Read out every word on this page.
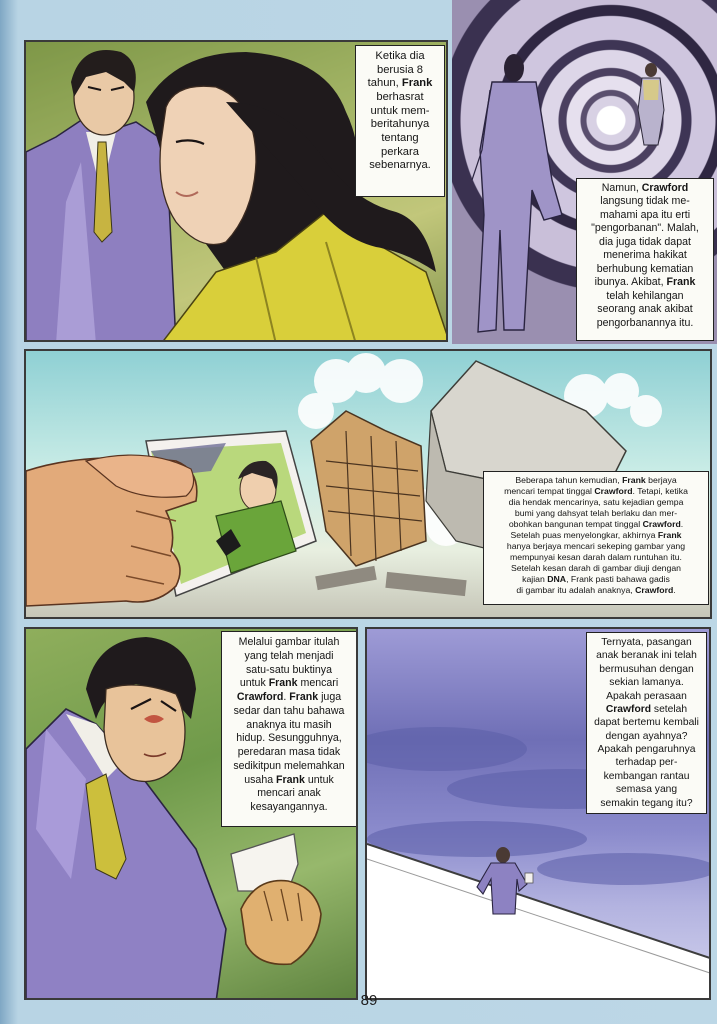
Ketika dia
berusia 8
tahun, Frank
berhasrat
untuk mem-
beritahunya
tentang
perkara
sebenarnya.
Namun, Crawford
langsung tidak me-
mahami apa itu erti
"pengorbanan". Malah,
dia juga tidak dapat
menerima hakikat
berhubung kematian
ibunya. Akibat, Frank
telah kehilangan
seorang anak akibat
pengorbanannya itu.
Beberapa tahun kemudian, Frank berjaya
mencari tempat tinggal Crawford. Tetapi, ketika
dia hendak mencarinya, satu kejadian gempa
bumi yang dahsyat telah berlaku dan mer-
obohkan bangunan tempat tinggal Crawford.
Setelah puas menyelongkar, akhirnya Frank
hanya berjaya mencari sekeping gambar yang
mempunyai kesan darah dalam runtuhan itu.
Setelah kesan darah di gambar diuji dengan
kajian DNA, Frank pasti bahawa gadis
di gambar itu adalah anaknya, Crawford.
Melalui gambar itulah
yang telah menjadi
satu-satu buktinya
untuk Frank mencari
Crawford. Frank juga
sedar dan tahu bahawa
anaknya itu masih
hidup. Sesungguhnya,
peredaran masa tidak
sedikitpun melemahkan
usaha Frank untuk
mencari anak
kesayangannya.
Ternyata, pasangan
anak beranak ini telah
bermusuhan dengan
sekian lamanya.
Apakah perasaan
Crawford setelah
dapat bertemu kembali
dengan ayahnya?
Apakah pengaruhnya
terhadap per-
kembangan rantau
semasa yang
semakin tegang itu?
89
